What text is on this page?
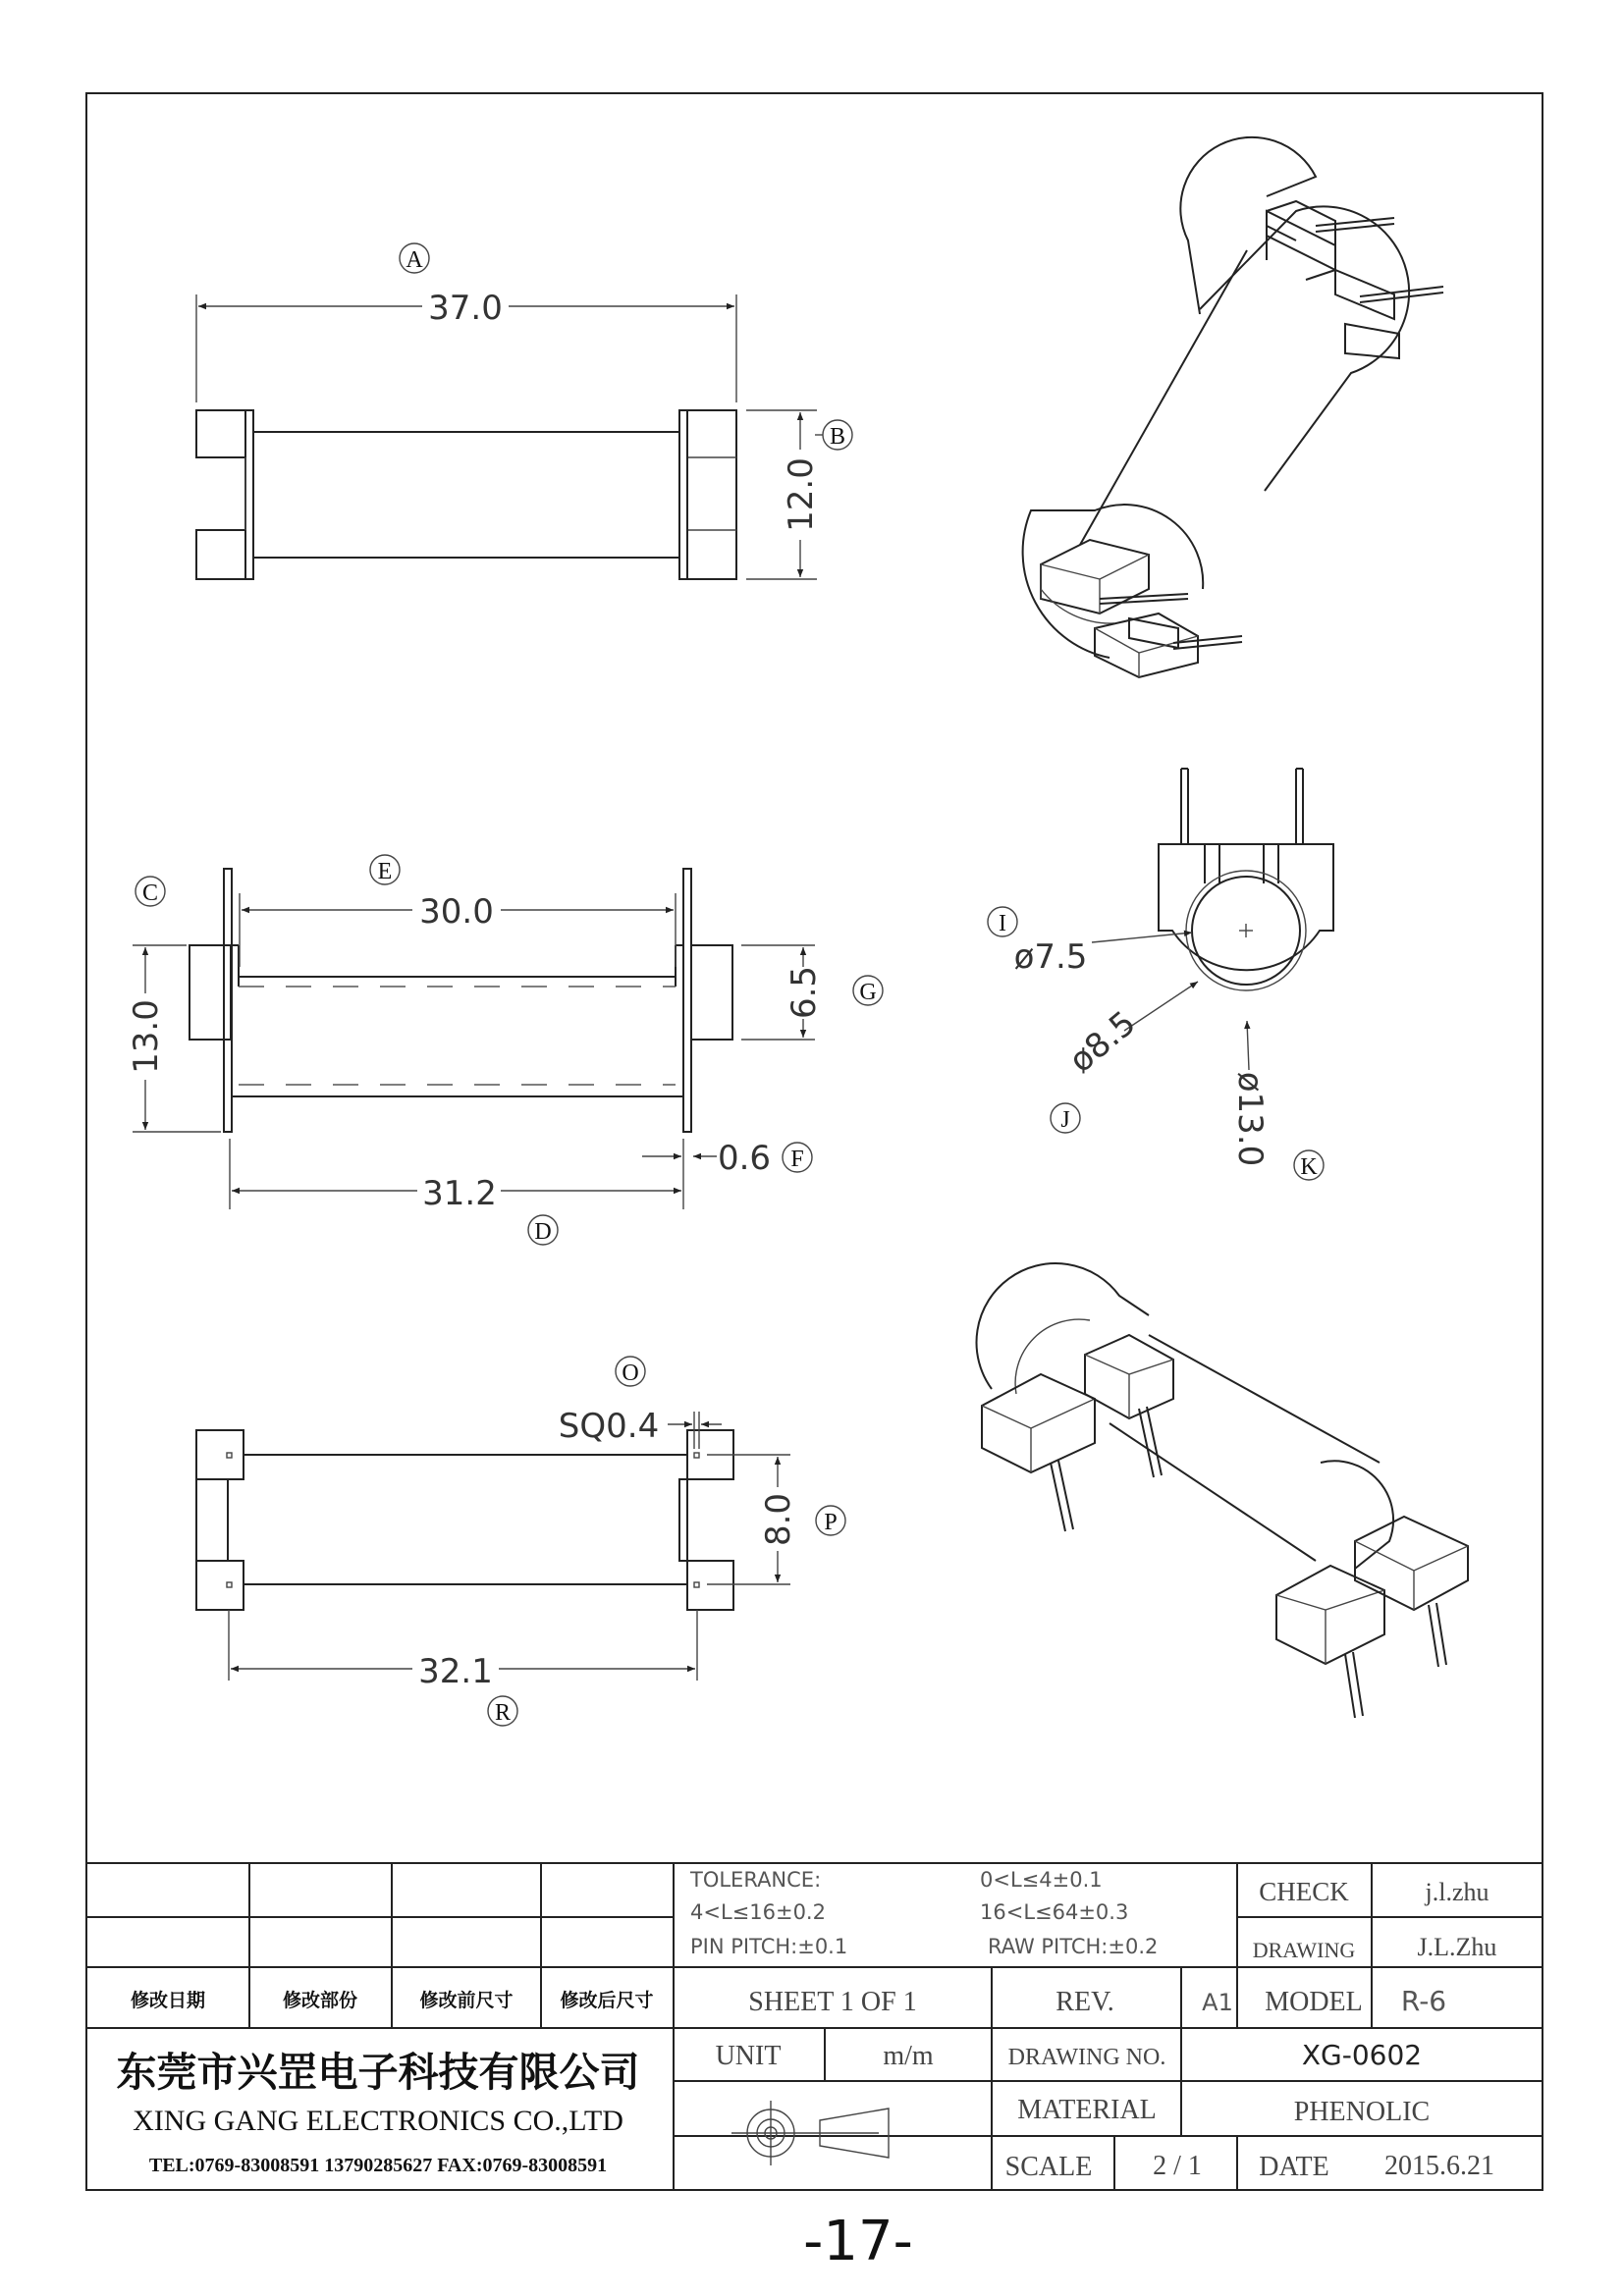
37.0
A
12.0
B
30.0
E
13.0
C
6.5 G
31.2
D
0.6 F
SQ0.4
O
8.0 P
32.1
R
ø7.5
I
ø8.5
J	ø13.0
K
TOLERANCE:	0<L≤4±0.1
4<L≤16±0.2	16<L≤64±0.3
PIN PITCH:±0.1	RAW PITCH:±0.2
CHECK	j.l.zhu
DRAWING J.L.Zhu
修改日期	修改部份	修改前尺寸	修改后尺寸	SHEET 1 OF 1	REV.	A1 MODEL R-6
UNIT	m/m	DRAWING NO.	XG-0602
MATERIAL	PHENOLIC
SCALE 2 / 1 DATE 2015.6.21
东莞市兴罡电子科技有限公司
XING GANG ELECTRONICS CO.,LTD
TEL:0769-83008591 13790285627 FAX:0769-83008591
-17-
